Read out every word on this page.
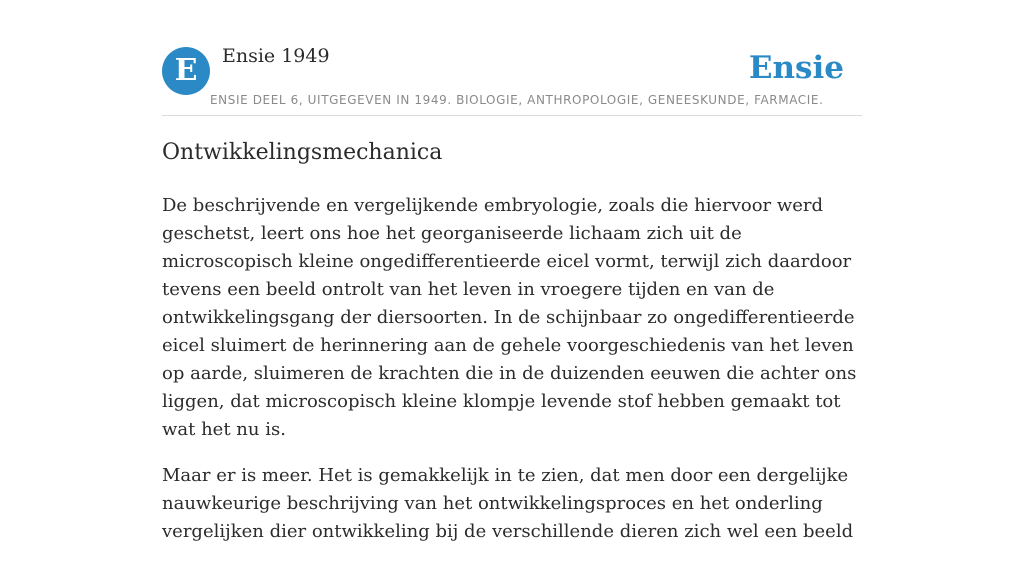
E	Ensie 1949	Ensie
ENSIE DEEL 6, UITGEGEVEN IN 1949. BIOLOGIE, ANTHROPOLOGIE, GENEESKUNDE, FARMACIE.
Ontwikkelingsmechanica

De beschrijvende en vergelijkende embryologie, zoals die hiervoor werd geschetst, leert ons hoe het georganiseerde lichaam zich uit de microscopisch kleine ongedifferentieerde eicel vormt, terwijl zich daardoor tevens een beeld ontrolt van het leven in vroegere tijden en van de ontwikkelingsgang der diersoorten. In de schijnbaar zo ongedifferentieerde eicel sluimert de herinnering aan de gehele voorgeschiedenis van het leven op aarde, sluimeren de krachten die in de duizenden eeuwen die achter ons liggen, dat microscopisch kleine klompje levende stof hebben gemaakt tot wat het nu is.

Maar er is meer. Het is gemakkelijk in te zien, dat men door een dergelijke nauwkeurige beschrijving van het ontwikkelingsproces en het onderling vergelijken dier ontwikkeling bij de verschillende dieren zich wel een beeld
